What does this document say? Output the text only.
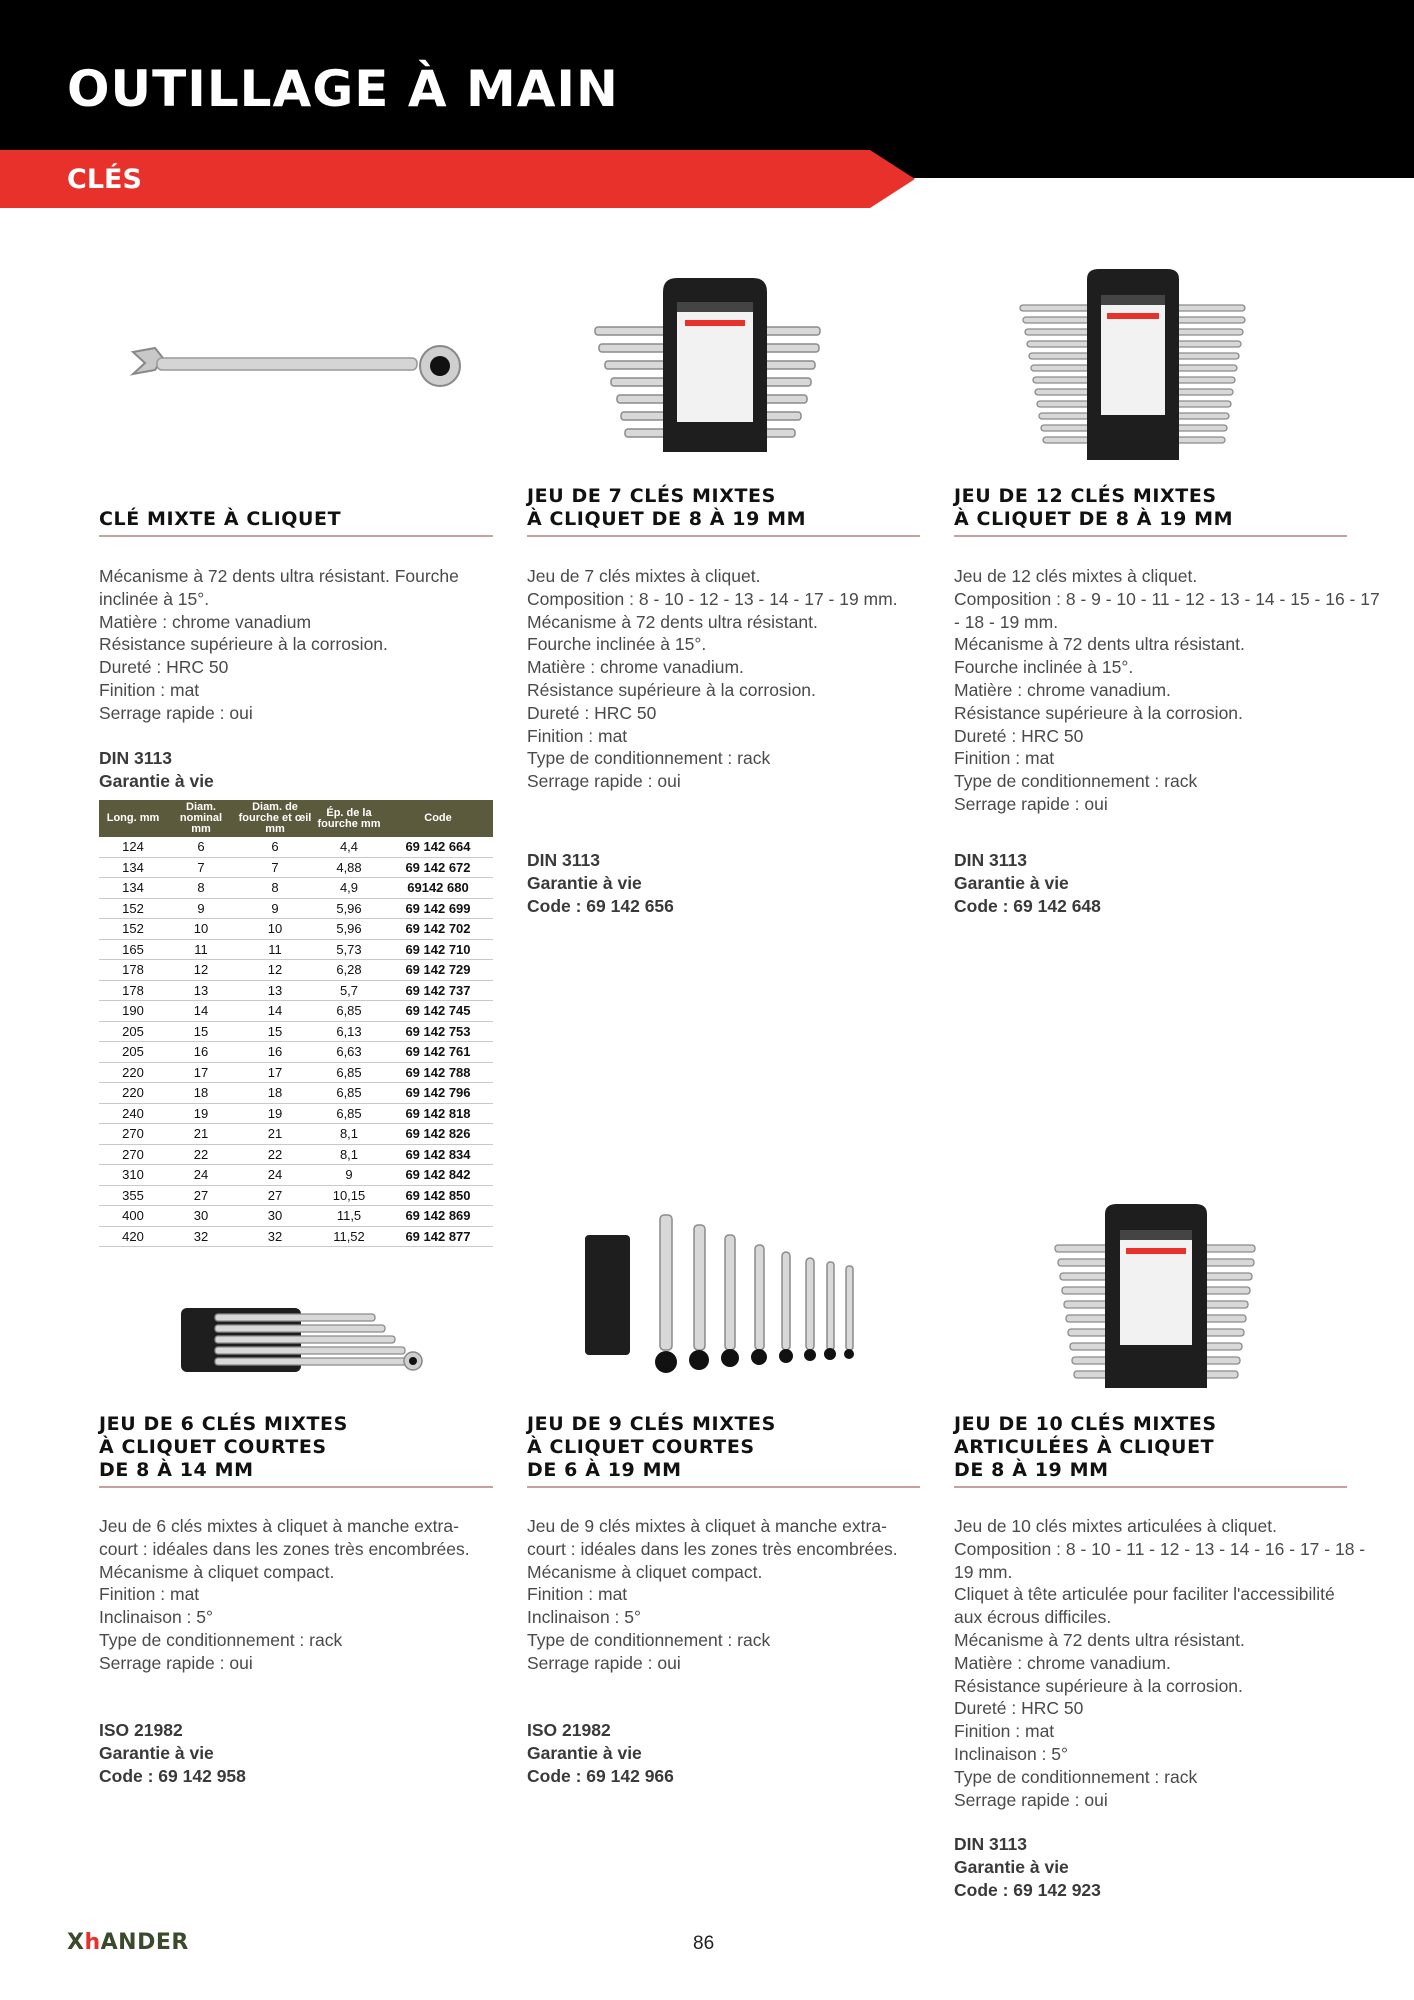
OUTILLAGE À MAIN
CLÉS
CLÉ MIXTE À CLIQUET
Mécanisme à 72 dents ultra résistant. Fourche
inclinée à 15°.
Matière : chrome vanadium
Résistance supérieure à la corrosion.
Dureté : HRC 50
Finition : mat
Serrage rapide : oui
DIN 3113
Garantie à vie
Long. mm	Diam. nominal mm	Diam. de fourche et œil mm	Ép. de la fourche mm	Code
124	6	6	4,4	69 142 664
134	7	7	4,88	69 142 672
134	8	8	4,9	69142 680
152	9	9	5,96	69 142 699
152	10	10	5,96	69 142 702
165	11	11	5,73	69 142 710
178	12	12	6,28	69 142 729
178	13	13	5,7	69 142 737
190	14	14	6,85	69 142 745
205	15	15	6,13	69 142 753
205	16	16	6,63	69 142 761
220	17	17	6,85	69 142 788
220	18	18	6,85	69 142 796
240	19	19	6,85	69 142 818
270	21	21	8,1	69 142 826
270	22	22	8,1	69 142 834
310	24	24	9	69 142 842
355	27	27	10,15	69 142 850
400	30	30	11,5	69 142 869
420	32	32	11,52	69 142 877
JEU DE 7 CLÉS MIXTES
À CLIQUET DE 8 À 19 MM
Jeu de 7 clés mixtes à cliquet.
Composition : 8 - 10 - 12 - 13 - 14 - 17 - 19 mm.
Mécanisme à 72 dents ultra résistant.
Fourche inclinée à 15°.
Matière : chrome vanadium.
Résistance supérieure à la corrosion.
Dureté : HRC 50
Finition : mat
Type de conditionnement : rack
Serrage rapide : oui
DIN 3113
Garantie à vie
Code : 69 142 656
JEU DE 12 CLÉS MIXTES
À CLIQUET DE 8 À 19 MM
Jeu de 12 clés mixtes à cliquet.
Composition : 8 - 9 - 10 - 11 - 12 - 13 - 14 - 15 - 16 - 17
- 18 - 19 mm.
Mécanisme à 72 dents ultra résistant.
Fourche inclinée à 15°.
Matière : chrome vanadium.
Résistance supérieure à la corrosion.
Dureté : HRC 50
Finition : mat
Type de conditionnement : rack
Serrage rapide : oui
DIN 3113
Garantie à vie
Code : 69 142 648
JEU DE 6 CLÉS MIXTES
À CLIQUET COURTES
DE 8 À 14 MM
Jeu de 6 clés mixtes à cliquet à manche extra-
court : idéales dans les zones très encombrées.
Mécanisme à cliquet compact.
Finition : mat
Inclinaison : 5°
Type de conditionnement : rack
Serrage rapide : oui
ISO 21982
Garantie à vie
Code : 69 142 958
JEU DE 9 CLÉS MIXTES
À CLIQUET COURTES
DE 6 À 19 MM
Jeu de 9 clés mixtes à cliquet à manche extra-
court : idéales dans les zones très encombrées.
Mécanisme à cliquet compact.
Finition : mat
Inclinaison : 5°
Type de conditionnement : rack
Serrage rapide : oui
ISO 21982
Garantie à vie
Code : 69 142 966
JEU DE 10 CLÉS MIXTES
ARTICULÉES À CLIQUET
DE 8 À 19 MM
Jeu de 10 clés mixtes articulées à cliquet.
Composition : 8 - 10 - 11 - 12 - 13 - 14 - 16 - 17 - 18 -
19 mm.
Cliquet à tête articulée pour faciliter l'accessibilité
aux écrous difficiles.
Mécanisme à 72 dents ultra résistant.
Matière : chrome vanadium.
Résistance supérieure à la corrosion.
Dureté : HRC 50
Finition : mat
Inclinaison : 5°
Type de conditionnement : rack
Serrage rapide : oui
DIN 3113
Garantie à vie
Code : 69 142 923
XhANDER	86
